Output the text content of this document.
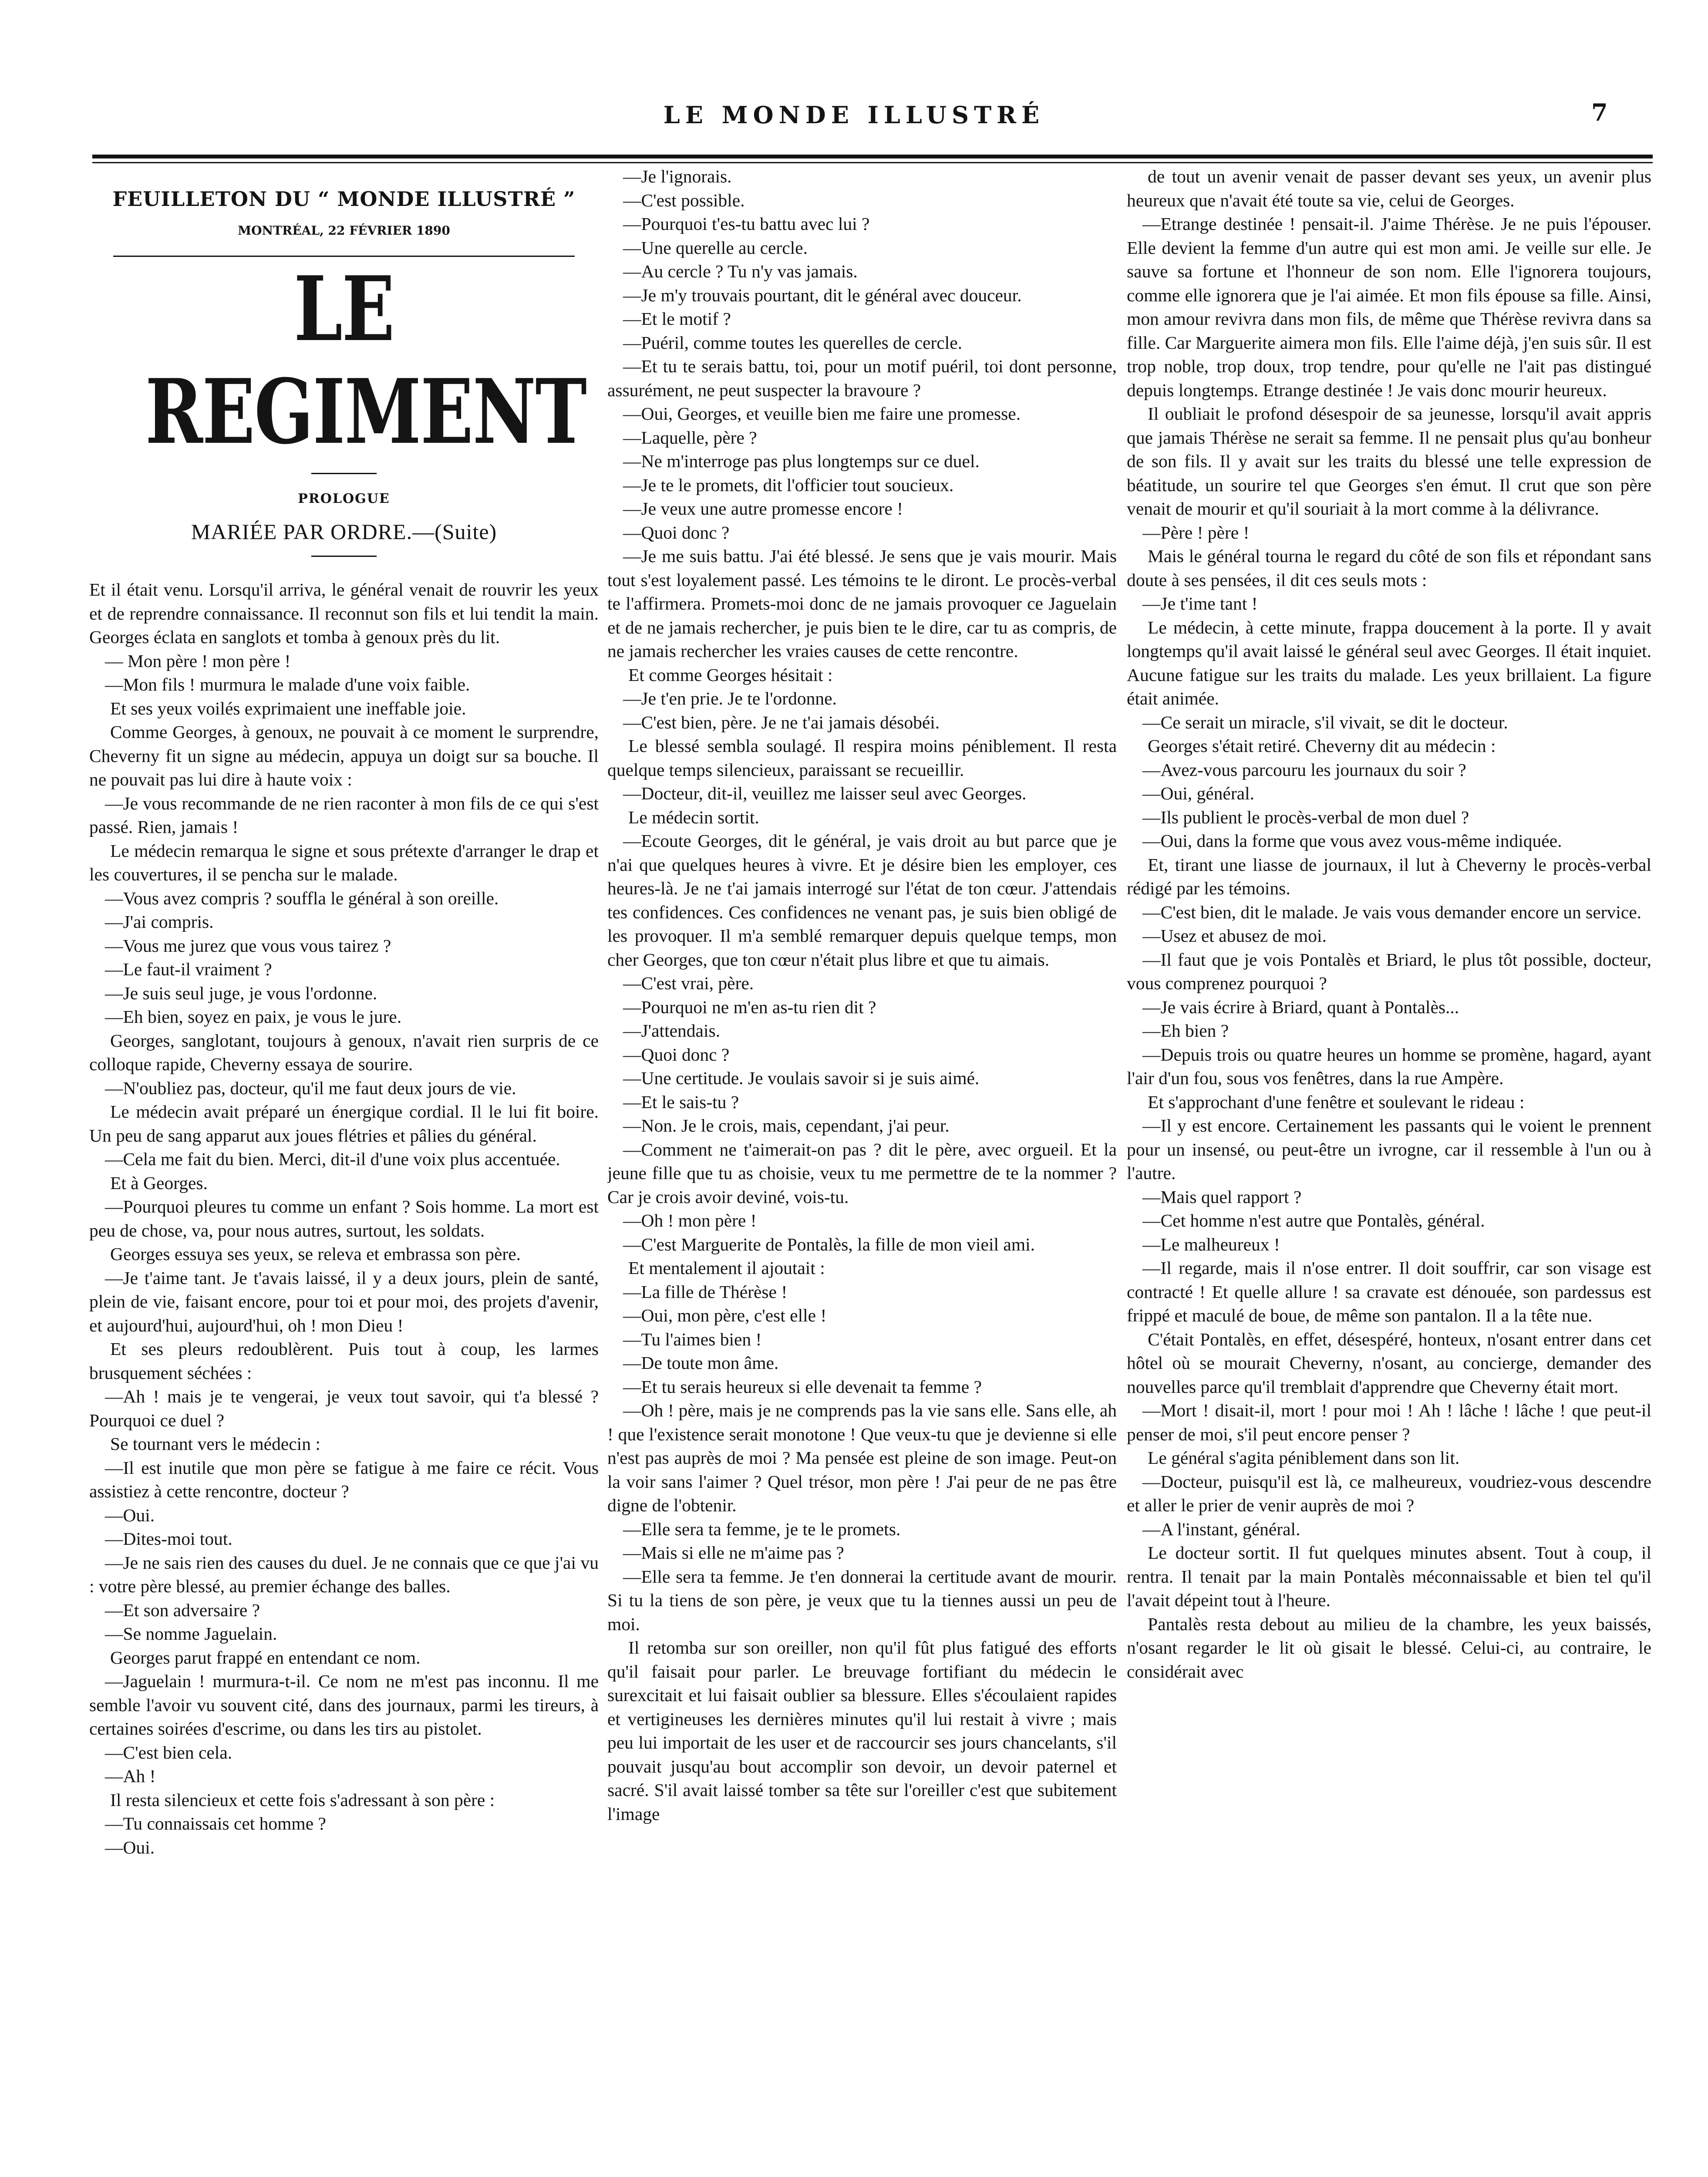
LE MONDE ILLUSTRÉ	7
FEUILLETON DU “ MONDE ILLUSTRÉ ”
MONTRÉAL, 22 FÉVRIER 1890
LE REGIMENT
PROLOGUE
MARIÉE PAR ORDRE.—(Suite)

Et il était venu. Lorsqu'il arriva, le général venait de rouvrir les yeux et de reprendre connaissance. Il reconnut son fils et lui tendit la main. Georges éclata en sanglots et tomba à genoux près du lit.

— Mon père ! mon père !

—Mon fils ! murmura le malade d'une voix faible.

Et ses yeux voilés exprimaient une ineffable joie.

Comme Georges, à genoux, ne pouvait à ce moment le surprendre, Cheverny fit un signe au médecin, appuya un doigt sur sa bouche. Il ne pouvait pas lui dire à haute voix :

—Je vous recommande de ne rien raconter à mon fils de ce qui s'est passé. Rien, jamais !

Le médecin remarqua le signe et sous prétexte d'arranger le drap et les couvertures, il se pencha sur le malade.

—Vous avez compris ? souffla le général à son oreille.

—J'ai compris.

—Vous me jurez que vous vous tairez ?

—Le faut-il vraiment ?

—Je suis seul juge, je vous l'ordonne.

—Eh bien, soyez en paix, je vous le jure.

Georges, sanglotant, toujours à genoux, n'avait rien surpris de ce colloque rapide, Cheverny essaya de sourire.

—N'oubliez pas, docteur, qu'il me faut deux jours de vie.

Le médecin avait préparé un énergique cordial. Il le lui fit boire. Un peu de sang apparut aux joues flétries et pâlies du général.

—Cela me fait du bien. Merci, dit-il d'une voix plus accentuée.

Et à Georges.

—Pourquoi pleures tu comme un enfant ? Sois homme. La mort est peu de chose, va, pour nous autres, surtout, les soldats.

Georges essuya ses yeux, se releva et embrassa son père.

—Je t'aime tant. Je t'avais laissé, il y a deux jours, plein de santé, plein de vie, faisant encore, pour toi et pour moi, des projets d'avenir, et aujourd'hui, aujourd'hui, oh ! mon Dieu !

Et ses pleurs redoublèrent. Puis tout à coup, les larmes brusquement séchées :

—Ah ! mais je te vengerai, je veux tout savoir, qui t'a blessé ? Pourquoi ce duel ?

Se tournant vers le médecin :

—Il est inutile que mon père se fatigue à me faire ce récit. Vous assistiez à cette rencontre, docteur ?

—Oui.

—Dites-moi tout.

—Je ne sais rien des causes du duel. Je ne connais que ce que j'ai vu : votre père blessé, au premier échange des balles.

—Et son adversaire ?

—Se nomme Jaguelain.

Georges parut frappé en entendant ce nom.

—Jaguelain ! murmura-t-il. Ce nom ne m'est pas inconnu. Il me semble l'avoir vu souvent cité, dans des journaux, parmi les tireurs, à certaines soirées d'escrime, ou dans les tirs au pistolet.

—C'est bien cela.

—Ah !

Il resta silencieux et cette fois s'adressant à son père :

—Tu connaissais cet homme ?

—Oui.

—Je l'ignorais.

—C'est possible.

—Pourquoi t'es-tu battu avec lui ?

—Une querelle au cercle.

—Au cercle ? Tu n'y vas jamais.

—Je m'y trouvais pourtant, dit le général avec douceur.

—Et le motif ?

—Puéril, comme toutes les querelles de cercle.

—Et tu te serais battu, toi, pour un motif puéril, toi dont personne, assurément, ne peut suspecter la bravoure ?

—Oui, Georges, et veuille bien me faire une promesse.

—Laquelle, père ?

—Ne m'interroge pas plus longtemps sur ce duel.

—Je te le promets, dit l'officier tout soucieux.

—Je veux une autre promesse encore !

—Quoi donc ?

—Je me suis battu. J'ai été blessé. Je sens que je vais mourir. Mais tout s'est loyalement passé. Les témoins te le diront. Le procès-verbal te l'affirmera. Promets-moi donc de ne jamais provoquer ce Jaguelain et de ne jamais rechercher, je puis bien te le dire, car tu as compris, de ne jamais rechercher les vraies causes de cette rencontre.

Et comme Georges hésitait :

—Je t'en prie. Je te l'ordonne.

—C'est bien, père. Je ne t'ai jamais désobéi.

Le blessé sembla soulagé. Il respira moins péniblement. Il resta quelque temps silencieux, paraissant se recueillir.

—Docteur, dit-il, veuillez me laisser seul avec Georges.

Le médecin sortit.

—Ecoute Georges, dit le général, je vais droit au but parce que je n'ai que quelques heures à vivre. Et je désire bien les employer, ces heures-là. Je ne t'ai jamais interrogé sur l'état de ton cœur. J'attendais tes confidences. Ces confidences ne venant pas, je suis bien obligé de les provoquer. Il m'a semblé remarquer depuis quelque temps, mon cher Georges, que ton cœur n'était plus libre et que tu aimais.

—C'est vrai, père.

—Pourquoi ne m'en as-tu rien dit ?

—J'attendais.

—Quoi donc ?

—Une certitude. Je voulais savoir si je suis aimé.

—Et le sais-tu ?

—Non. Je le crois, mais, cependant, j'ai peur.

—Comment ne t'aimerait-on pas ? dit le père, avec orgueil. Et la jeune fille que tu as choisie, veux tu me permettre de te la nommer ? Car je crois avoir deviné, vois-tu.

—Oh ! mon père !

—C'est Marguerite de Pontalès, la fille de mon vieil ami.

Et mentalement il ajoutait :

—La fille de Thérèse !

—Oui, mon père, c'est elle !

—Tu l'aimes bien !

—De toute mon âme.

—Et tu serais heureux si elle devenait ta femme ?

—Oh ! père, mais je ne comprends pas la vie sans elle. Sans elle, ah ! que l'existence serait monotone ! Que veux-tu que je devienne si elle n'est pas auprès de moi ? Ma pensée est pleine de son image. Peut-on la voir sans l'aimer ? Quel trésor, mon père ! J'ai peur de ne pas être digne de l'obtenir.

—Elle sera ta femme, je te le promets.

—Mais si elle ne m'aime pas ?

—Elle sera ta femme. Je t'en donnerai la certitude avant de mourir. Si tu la tiens de son père, je veux que tu la tiennes aussi un peu de moi.

Il retomba sur son oreiller, non qu'il fût plus fatigué des efforts qu'il faisait pour parler. Le breuvage fortifiant du médecin le surexcitait et lui faisait oublier sa blessure. Elles s'écoulaient rapides et vertigineuses les dernières minutes qu'il lui restait à vivre ; mais peu lui importait de les user et de raccourcir ses jours chancelants, s'il pouvait jusqu'au bout accomplir son devoir, un devoir paternel et sacré. S'il avait laissé tomber sa tête sur l'oreiller c'est que subitement l'image

de tout un avenir venait de passer devant ses yeux, un avenir plus heureux que n'avait été toute sa vie, celui de Georges.

—Etrange destinée ! pensait-il. J'aime Thérèse. Je ne puis l'épouser. Elle devient la femme d'un autre qui est mon ami. Je veille sur elle. Je sauve sa fortune et l'honneur de son nom. Elle l'ignorera toujours, comme elle ignorera que je l'ai aimée. Et mon fils épouse sa fille. Ainsi, mon amour revivra dans mon fils, de même que Thérèse revivra dans sa fille. Car Marguerite aimera mon fils. Elle l'aime déjà, j'en suis sûr. Il est trop noble, trop doux, trop tendre, pour qu'elle ne l'ait pas distingué depuis longtemps. Etrange destinée ! Je vais donc mourir heureux.

Il oubliait le profond désespoir de sa jeunesse, lorsqu'il avait appris que jamais Thérèse ne serait sa femme. Il ne pensait plus qu'au bonheur de son fils. Il y avait sur les traits du blessé une telle expression de béatitude, un sourire tel que Georges s'en émut. Il crut que son père venait de mourir et qu'il souriait à la mort comme à la délivrance.

—Père ! père !

Mais le général tourna le regard du côté de son fils et répondant sans doute à ses pensées, il dit ces seuls mots :

—Je t'ime tant !

Le médecin, à cette minute, frappa doucement à la porte. Il y avait longtemps qu'il avait laissé le général seul avec Georges. Il était inquiet. Aucune fatigue sur les traits du malade. Les yeux brillaient. La figure était animée.

—Ce serait un miracle, s'il vivait, se dit le docteur.

Georges s'était retiré. Cheverny dit au médecin :

—Avez-vous parcouru les journaux du soir ?

—Oui, général.

—Ils publient le procès-verbal de mon duel ?

—Oui, dans la forme que vous avez vous-même indiquée.

Et, tirant une liasse de journaux, il lut à Cheverny le procès-verbal rédigé par les témoins.

—C'est bien, dit le malade. Je vais vous demander encore un service.

—Usez et abusez de moi.

—Il faut que je vois Pontalès et Briard, le plus tôt possible, docteur, vous comprenez pourquoi ?

—Je vais écrire à Briard, quant à Pontalès...

—Eh bien ?

—Depuis trois ou quatre heures un homme se promène, hagard, ayant l'air d'un fou, sous vos fenêtres, dans la rue Ampère.

Et s'approchant d'une fenêtre et soulevant le rideau :

—Il y est encore. Certainement les passants qui le voient le prennent pour un insensé, ou peut-être un ivrogne, car il ressemble à l'un ou à l'autre.

—Mais quel rapport ?

—Cet homme n'est autre que Pontalès, général.

—Le malheureux !

—Il regarde, mais il n'ose entrer. Il doit souffrir, car son visage est contracté ! Et quelle allure ! sa cravate est dénouée, son pardessus est frippé et maculé de boue, de même son pantalon. Il a la tête nue.

C'était Pontalès, en effet, désespéré, honteux, n'osant entrer dans cet hôtel où se mourait Cheverny, n'osant, au concierge, demander des nouvelles parce qu'il tremblait d'apprendre que Cheverny était mort.

—Mort ! disait-il, mort ! pour moi ! Ah ! lâche ! lâche ! que peut-il penser de moi, s'il peut encore penser ?

Le général s'agita péniblement dans son lit.

—Docteur, puisqu'il est là, ce malheureux, voudriez-vous descendre et aller le prier de venir auprès de moi ?

—A l'instant, général.

Le docteur sortit. Il fut quelques minutes absent. Tout à coup, il rentra. Il tenait par la main Pontalès méconnaissable et bien tel qu'il l'avait dépeint tout à l'heure.

Pantalès resta debout au milieu de la chambre, les yeux baissés, n'osant regarder le lit où gisait le blessé. Celui-ci, au contraire, le considérait avec
